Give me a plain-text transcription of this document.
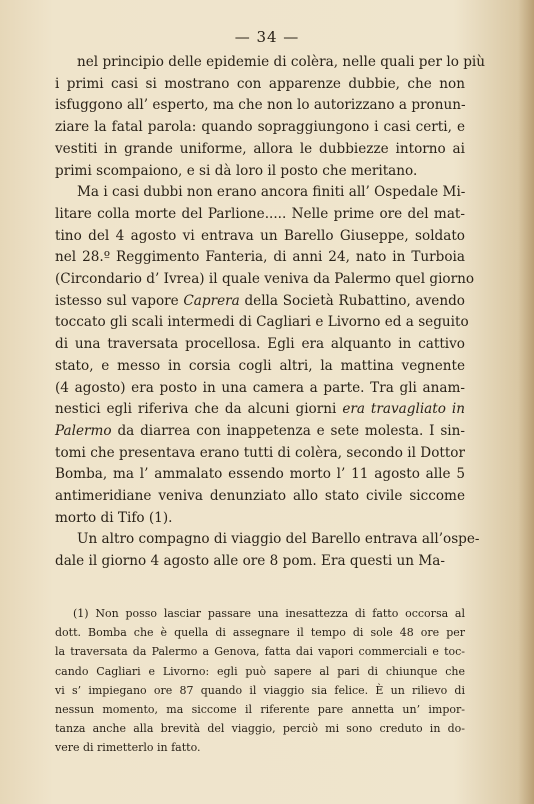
— 34 —
nel principio delle epidemie di colèra, nelle quali per lo più
i primi casi si mostrano con apparenze dubbie, che non
isfuggono all’ esperto, ma che non lo autorizzano a pronun-
ziare la fatal parola: quando sopraggiungono i casi certi, e
vestiti in grande uniforme, allora le dubbiezze intorno ai
primi scompaiono, e si dà loro il posto che meritano.
Ma i casi dubbi non erano ancora finiti all’ Ospedale Mi-
litare colla morte del Parlione..... Nelle prime ore del mat-
tino del 4 agosto vi entrava un Barello Giuseppe, soldato
nel 28.º Reggimento Fanteria, di anni 24, nato in Turboia
(Circondario d’ Ivrea) il quale veniva da Palermo quel giorno
istesso sul vapore Caprera della Società Rubattino, avendo
toccato gli scali intermedi di Cagliari e Livorno ed a seguito
di una traversata procellosa. Egli era alquanto in cattivo
stato, e messo in corsia cogli altri, la mattina vegnente
(4 agosto) era posto in una camera a parte. Tra gli anam-
nestici egli riferiva che da alcuni giorni era travagliato in
Palermo da diarrea con inappetenza e sete molesta. I sin-
tomi che presentava erano tutti di colèra, secondo il Dottor
Bomba, ma l’ ammalato essendo morto l’ 11 agosto alle 5
antimeridiane veniva denunziato allo stato civile siccome
morto di Tifo (1).
Un altro compagno di viaggio del Barello entrava all’ospe-
dale il giorno 4 agosto alle ore 8 pom. Era questi un Ma-
(1) Non posso lasciar passare una inesattezza di fatto occorsa al
dott. Bomba che è quella di assegnare il tempo di sole 48 ore per
la traversata da Palermo a Genova, fatta dai vapori commerciali e toc-
cando Cagliari e Livorno: egli può sapere al pari di chiunque che
vi s’ impiegano ore 87 quando il viaggio sia felice. È un rilievo di
nessun momento, ma siccome il riferente pare annetta un’ impor-
tanza anche alla brevità del viaggio, perciò mi sono creduto in do-
vere di rimetterlo in fatto.
